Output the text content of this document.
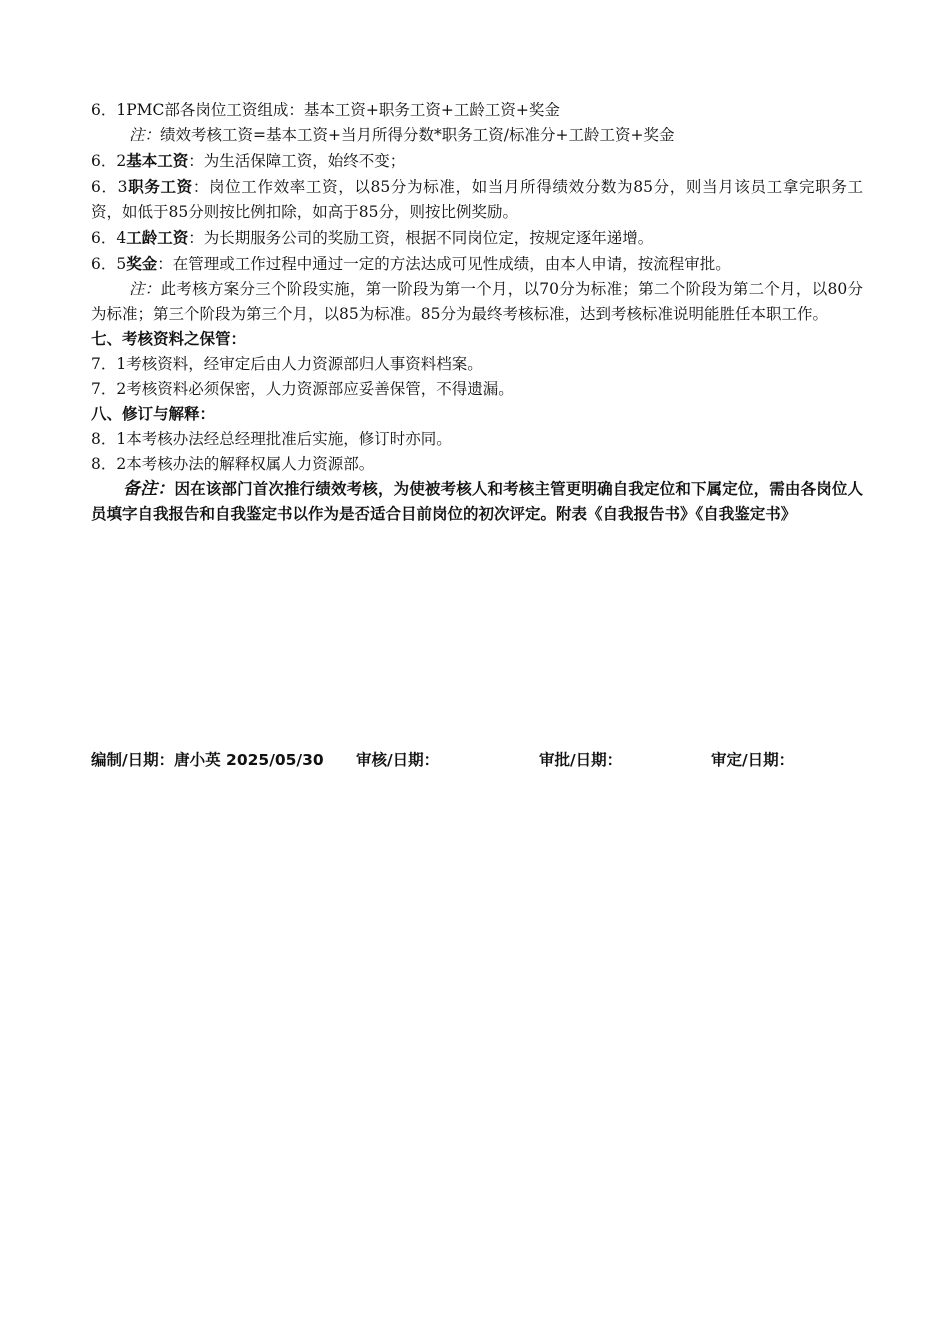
6．1PMC部各岗位工资组成：基本工资+职务工资+工龄工资+奖金
注：绩效考核工资=基本工资+当月所得分数*职务工资/标准分+工龄工资+奖金
6．2基本工资：为生活保障工资，始终不变；
6．3职务工资：岗位工作效率工资，以85分为标准，如当月所得绩效分数为85分，则当月该员工拿完职务工资，如低于85分则按比例扣除，如高于85分，则按比例奖励。
6．4工龄工资：为长期服务公司的奖励工资，根据不同岗位定，按规定逐年递增。
6．5奖金：在管理或工作过程中通过一定的方法达成可见性成绩，由本人申请，按流程审批。
注：此考核方案分三个阶段实施，第一阶段为第一个月，以70分为标准；第二个阶段为第二个月，以80分为标准；第三个阶段为第三个月，以85为标准。85分为最终考核标准，达到考核标准说明能胜任本职工作。
七、考核资料之保管：
7．1考核资料，经审定后由人力资源部归人事资料档案。
7．2考核资料必须保密，人力资源部应妥善保管，不得遗漏。
八、修订与解释：
8．1本考核办法经总经理批准后实施，修订时亦同。
8．2本考核办法的解释权属人力资源部。
备注：因在该部门首次推行绩效考核，为使被考核人和考核主管更明确自我定位和下属定位，需由各岗位人员填字自我报告和自我鉴定书以作为是否适合目前岗位的初次评定。附表《自我报告书》《自我鉴定书》
编制/日期：唐小英 2025/05/30 审核/日期：	审批/日期：	审定/日期：
